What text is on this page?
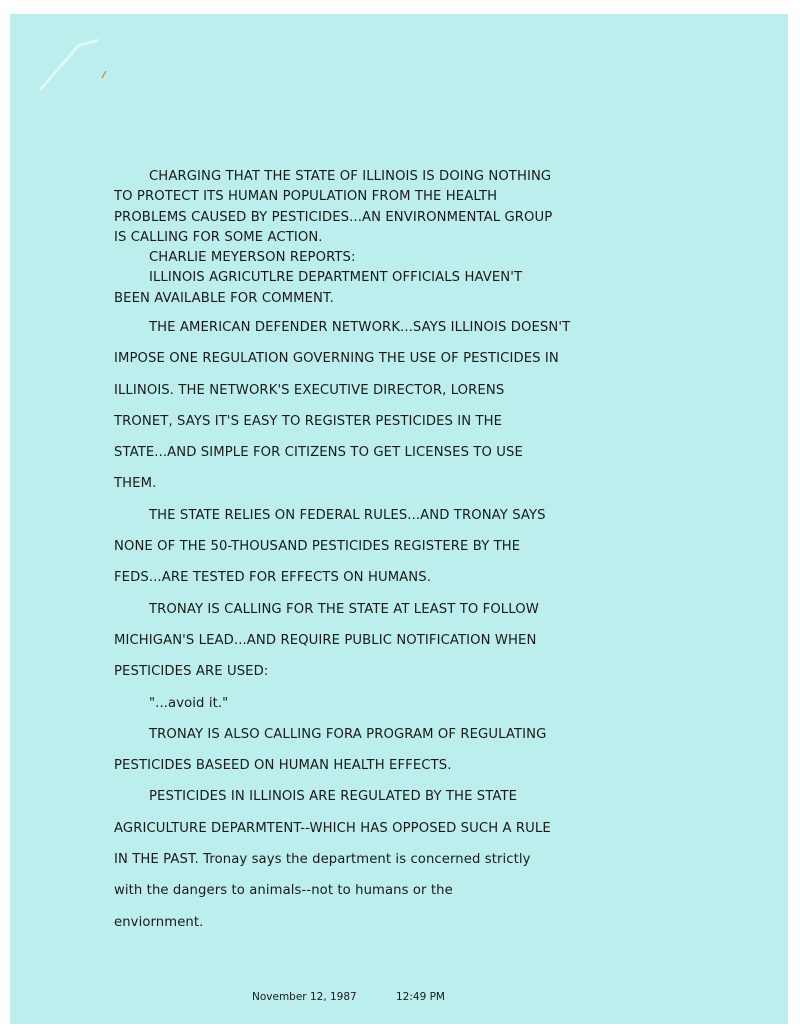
CHARGING THAT THE STATE OF ILLINOIS IS DOING NOTHING
TO PROTECT ITS HUMAN POPULATION FROM THE HEALTH
PROBLEMS CAUSED BY PESTICIDES...AN ENVIRONMENTAL GROUP
IS CALLING FOR SOME ACTION.
CHARLIE MEYERSON REPORTS:
ILLINOIS AGRICUTLRE DEPARTMENT OFFICIALS HAVEN'T
BEEN AVAILABLE FOR COMMENT.
THE AMERICAN DEFENDER NETWORK...SAYS ILLINOIS DOESN'T
IMPOSE ONE REGULATION GOVERNING THE USE OF PESTICIDES IN
ILLINOIS. THE NETWORK'S EXECUTIVE DIRECTOR, LORENS
TRONET, SAYS IT'S EASY TO REGISTER PESTICIDES IN THE
STATE...AND SIMPLE FOR CITIZENS TO GET LICENSES TO USE
THEM.
THE STATE RELIES ON FEDERAL RULES...AND TRONAY SAYS
NONE OF THE 50-THOUSAND PESTICIDES REGISTERE BY THE
FEDS...ARE TESTED FOR EFFECTS ON HUMANS.
TRONAY IS CALLING FOR THE STATE AT LEAST TO FOLLOW
MICHIGAN'S LEAD...AND REQUIRE PUBLIC NOTIFICATION WHEN
PESTICIDES ARE USED:
"...avoid it."
TRONAY IS ALSO CALLING FORA PROGRAM OF REGULATING
PESTICIDES BASEED ON HUMAN HEALTH EFFECTS.
PESTICIDES IN ILLINOIS ARE REGULATED BY THE STATE
AGRICULTURE DEPARMTENT--WHICH HAS OPPOSED SUCH A RULE
IN THE PAST. Tronay says the department is concerned strictly
with the dangers to animals--not to humans or the
enviornment.
November 12, 1987	12:49 PM
